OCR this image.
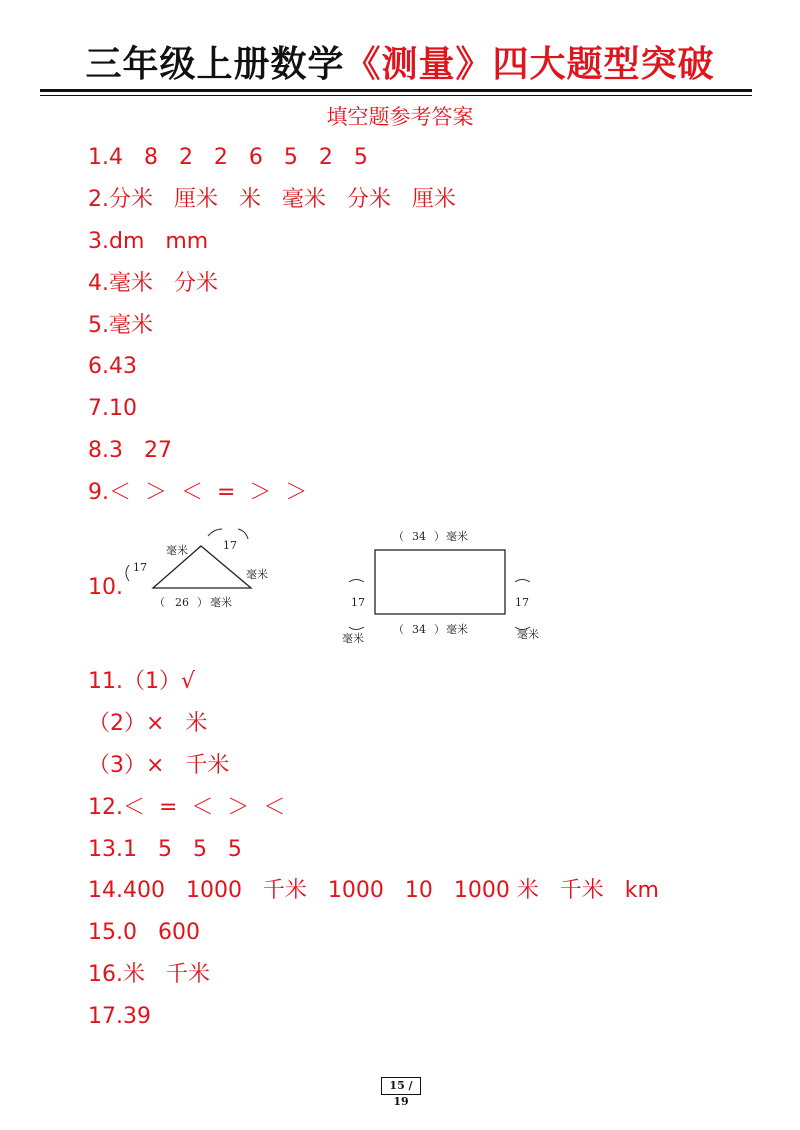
三年级上册数学《测量》四大题型突破
填空题参考答案
1.4   8   2   2   6   5   2   5
2.分米   厘米   米   毫米   分米   厘米
3.dm   mm
4.毫米   分米
5.毫米
6.43
7.10
8.3   27
9.＜  ＞  ＜  =  ＞  ＞
10.
17
毫米	17
毫米
（ 26 ） 毫米
（ 34 ） 毫米
17
毫米
17
毫米
（ 34 ） 毫米
11.（1）√
（2）×   米
（3）×   千米
12.＜  =  ＜  ＞  ＜
13.1   5   5   5
14.400   1000   千米   1000   10   1000 米   千米   km
15.0   600
16.米   千米
17.39
15 / 19
